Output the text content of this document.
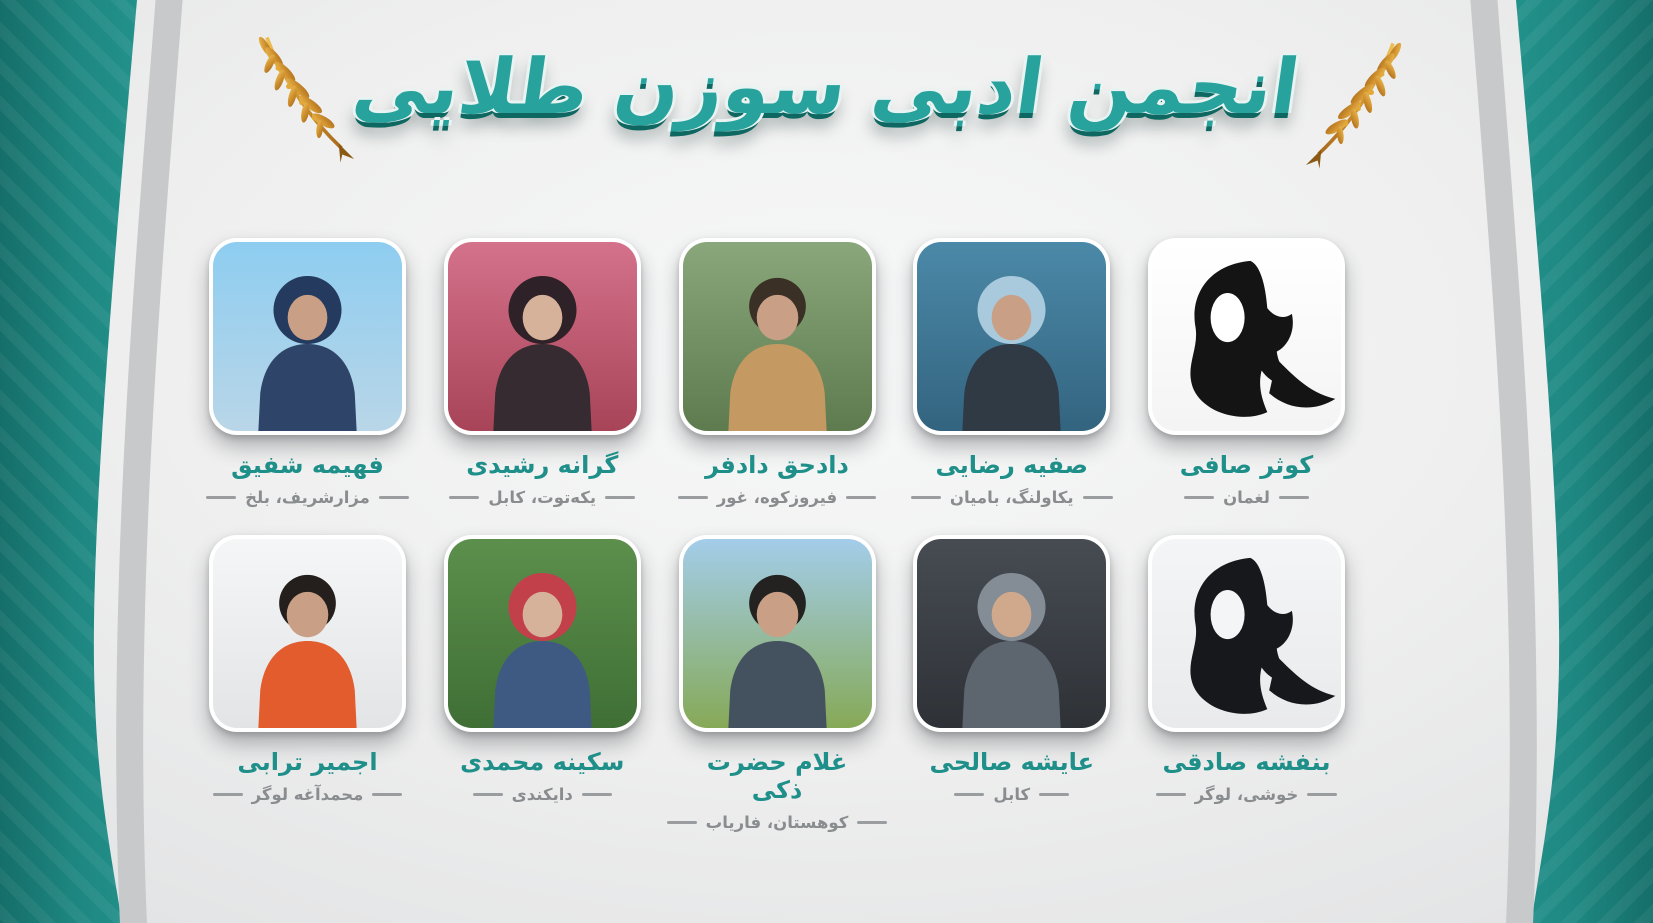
انجمن ادبی سوزن طلایی
فهیمه شفیق
مزارشریف، بلخ
گرانه رشیدی
یکه‌توت، کابل
دادحق دادفر
فیروزکوه، غور
صفیه رضایی
یکاولنگ، بامیان
کوثر صافی
لغمان
اجمیر ترابی
محمدآغه لوگر
سکینه محمدی
دایکندی
غلام حضرت ذکی
کوهستان، فاریاب
عایشه صالحی
کابل
بنفشه صادقی
خوشی، لوگر
